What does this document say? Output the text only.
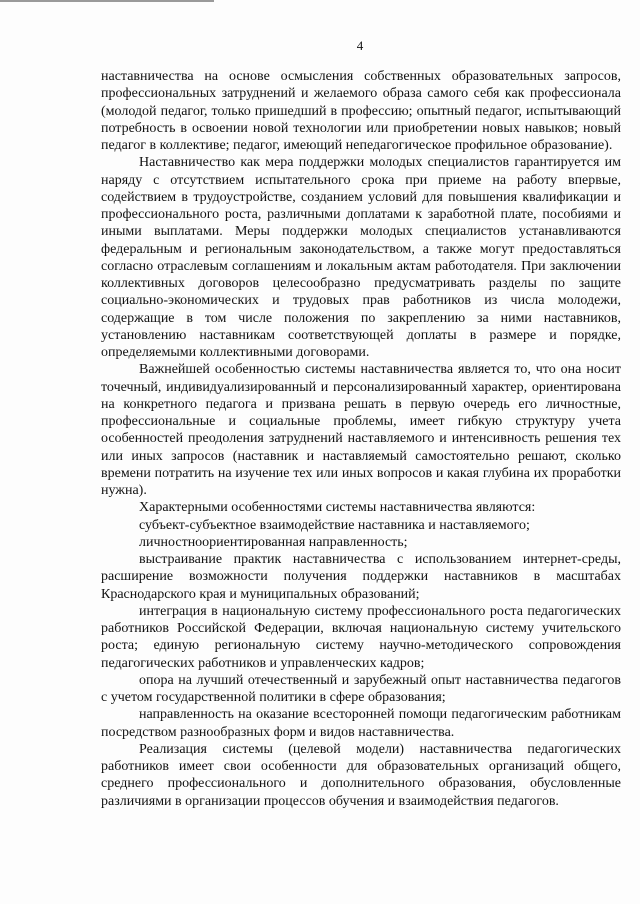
4

наставничества на основе осмысления собственных образовательных запросов, профессиональных затруднений и желаемого образа самого себя как профессионала (молодой педагог, только пришедший в профессию; опытный педагог, испытывающий потребность в освоении новой технологии или приобретении новых навыков; новый педагог в коллективе; педагог, имеющий непедагогическое профильное образование).

Наставничество как мера поддержки молодых специалистов гарантируется им наряду с отсутствием испытательного срока при приеме на работу впервые, содействием в трудоустройстве, созданием условий для повышения квалификации и профессионального роста, различными доплатами к заработной плате, пособиями и иными выплатами. Меры поддержки молодых специалистов устанавливаются федеральным и региональным законодательством, а также могут предоставляться согласно отраслевым соглашениям и локальным актам работодателя. При заключении коллективных договоров целесообразно предусматривать разделы по защите социально-экономических и трудовых прав работников из числа молодежи, содержащие в том числе положения по закреплению за ними наставников, установлению наставникам соответствующей доплаты в размере и порядке, определяемыми коллективными договорами.

Важнейшей особенностью системы наставничества является то, что она носит точечный, индивидуализированный и персонализированный характер, ориентирована на конкретного педагога и призвана решать в первую очередь его личностные, профессиональные и социальные проблемы, имеет гибкую структуру учета особенностей преодоления затруднений наставляемого и интенсивность решения тех или иных запросов (наставник и наставляемый самостоятельно решают, сколько времени потратить на изучение тех или иных вопросов и какая глубина их проработки нужна).

Характерными особенностями системы наставничества являются:

субъект-субъектное взаимодействие наставника и наставляемого;

личностноориентированная направленность;

выстраивание практик наставничества с использованием интернет-среды, расширение возможности получения поддержки наставников в масштабах Краснодарского края и муниципальных образований;

интеграция в национальную систему профессионального роста педагогических работников Российской Федерации, включая национальную систему учительского роста; единую региональную систему научно-методического сопровождения педагогических работников и управленческих кадров;

опора на лучший отечественный и зарубежный опыт наставничества педагогов с учетом государственной политики в сфере образования;

направленность на оказание всесторонней помощи педагогическим работникам посредством разнообразных форм и видов наставничества.

Реализация системы (целевой модели) наставничества педагогических работников имеет свои особенности для образовательных организаций общего, среднего профессионального и дополнительного образования, обусловленные различиями в организации процессов обучения и взаимодействия педагогов.
